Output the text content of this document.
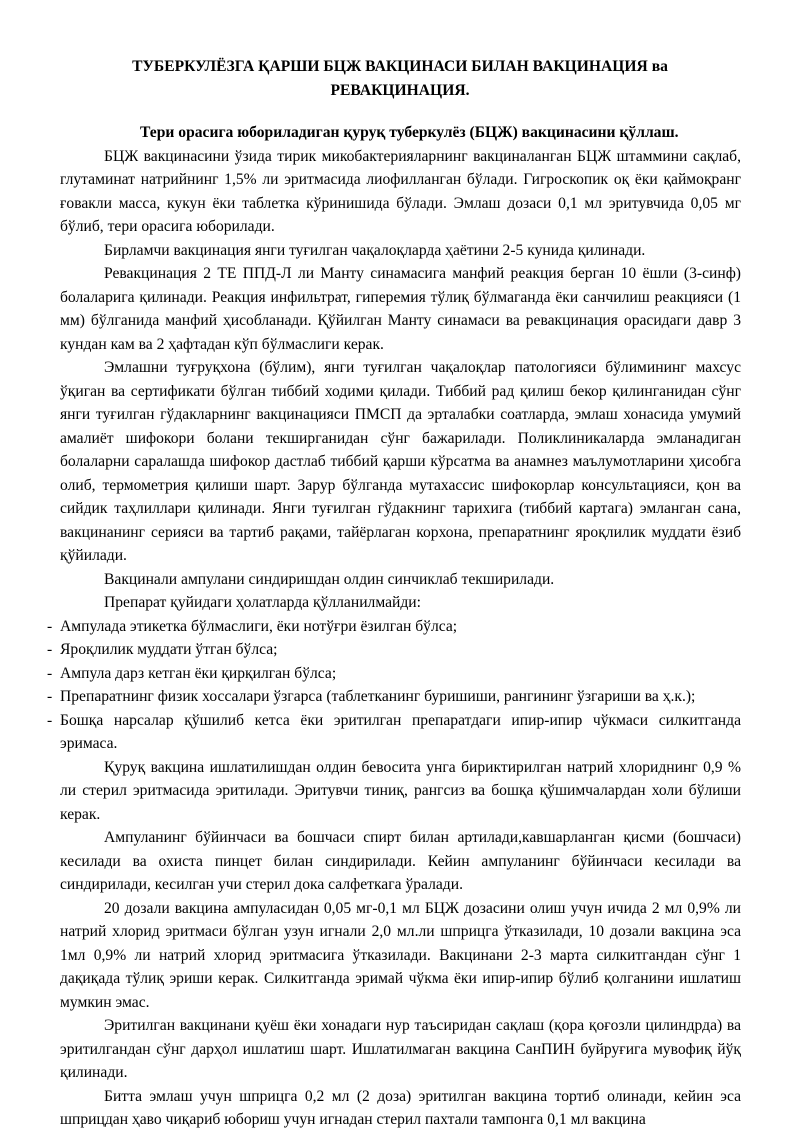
ТУБЕРКУЛЁЗГА ҚАРШИ БЦЖ ВАКЦИНАСИ БИЛАН ВАКЦИНАЦИЯ ва
РЕВАКЦИНАЦИЯ.
Тери орасига юбориладиган қуруқ туберкулёз (БЦЖ) вакцинасини қўллаш.

БЦЖ вакцинасини ўзида тирик микобактерияларнинг вакциналанган БЦЖ штаммини сақлаб, глутаминат натрийнинг 1,5% ли эритмасида лиофилланган бўлади. Гигроскопик оқ ёки қаймоқранг ғовакли масса, кукун ёки таблетка кўринишида бўлади. Эмлаш дозаси 0,1 мл эритувчида 0,05 мг бўлиб, тери орасига юборилади.

Бирламчи вакцинация янги туғилган чақалоқларда ҳаётини 2-5 кунида қилинади.

Ревакцинация 2 ТЕ ППД-Л ли Манту синамасига манфий реакция берган 10 ёшли (3-синф) болаларига қилинади. Реакция инфильтрат, гиперемия тўлиқ бўлмаганда ёки санчилиш реакцияси (1 мм) бўлганида манфий ҳисобланади. Қўйилган Манту синамаси ва ревакцинация орасидаги давр 3 кундан кам ва 2 ҳафтадан кўп бўлмаслиги керак.

Эмлашни туғруқхона (бўлим), янги туғилган чақалоқлар патологияси бўлимининг махсус ўқиган ва сертификати бўлган тиббий ходими қилади. Тиббий рад қилиш бекор қилинганидан сўнг янги туғилган гўдакларнинг вакцинацияси ПМСП да эрталабки соатларда, эмлаш хонасида умумий амалиёт шифокори болани текширганидан сўнг бажарилади. Поликлиникаларда эмланадиган болаларни саралашда шифокор дастлаб тиббий қарши кўрсатма ва анамнез маълумотларини ҳисобга олиб, термометрия қилиши шарт. Зарур бўлганда мутахассис шифокорлар консультацияси, қон ва сийдик таҳлиллари қилинади. Янги туғилган гўдакнинг тарихига (тиббий картага) эмланган сана, вакцинанинг серияси ва тартиб рақами, тайёрлаган корхона, препаратнинг яроқлилик муддати ёзиб қўйилади.

Вакцинали ампулани синдиришдан олдин синчиклаб текширилади.

Препарат қуйидаги ҳолатларда қўлланилмайди:

- Ампулада этикетка бўлмаслиги, ёки нотўғри ёзилган бўлса;
- Яроқлилик муддати ўтган бўлса;
- Ампула дарз кетган ёки қирқилган бўлса;
- Препаратнинг физик хоссалари ўзгарса (таблетканинг буришиши, рангининг ўзгариши ва ҳ.к.);
- Бошқа нарсалар қўшилиб кетса ёки эритилган препаратдаги ипир-ипир чўкмаси силкитганда эримаса.

Қуруқ вакцина ишлатилишдан олдин бевосита унга бириктирилган натрий хлориднинг 0,9 % ли стерил эритмасида эритилади. Эритувчи тиниқ, рангсиз ва бошқа қўшимчалардан холи бўлиши керак.

Ампуланинг бўйинчаси ва бошчаси спирт билан артилади,кавшарланган қисми (бошчаси) кесилади ва охиста пинцет билан синдирилади. Кейин ампуланинг бўйинчаси кесилади ва синдирилади, кесилган учи стерил дока салфеткага ўралади.

20 дозали вакцина ампуласидан 0,05 мг-0,1 мл БЦЖ дозасини олиш учун ичида 2 мл 0,9% ли натрий хлорид эритмаси бўлган узун игнали 2,0 мл.ли шприцга ўтказилади, 10 дозали вакцина эса 1мл 0,9% ли натрий хлорид эритмасига ўтказилади. Вакцинани 2-3 марта силкитгандан сўнг 1 дақиқада тўлиқ эриши керак. Силкитганда эримай чўкма ёки ипир-ипир бўлиб қолганини ишлатиш мумкин эмас.

Эритилган вакцинани қуёш ёки хонадаги нур таъсиридан сақлаш (қора қоғозли цилиндрда) ва эритилгандан сўнг дарҳол ишлатиш шарт. Ишлатилмаган вакцина СанПИН буйруғига мувофиқ йўқ қилинади.

Битта эмлаш учун шприцга 0,2 мл (2 доза) эритилган вакцина тортиб олинади, кейин эса шприцдан ҳаво чиқариб юбориш учун игнадан стерил пахтали тампонга 0,1 мл вакцина
